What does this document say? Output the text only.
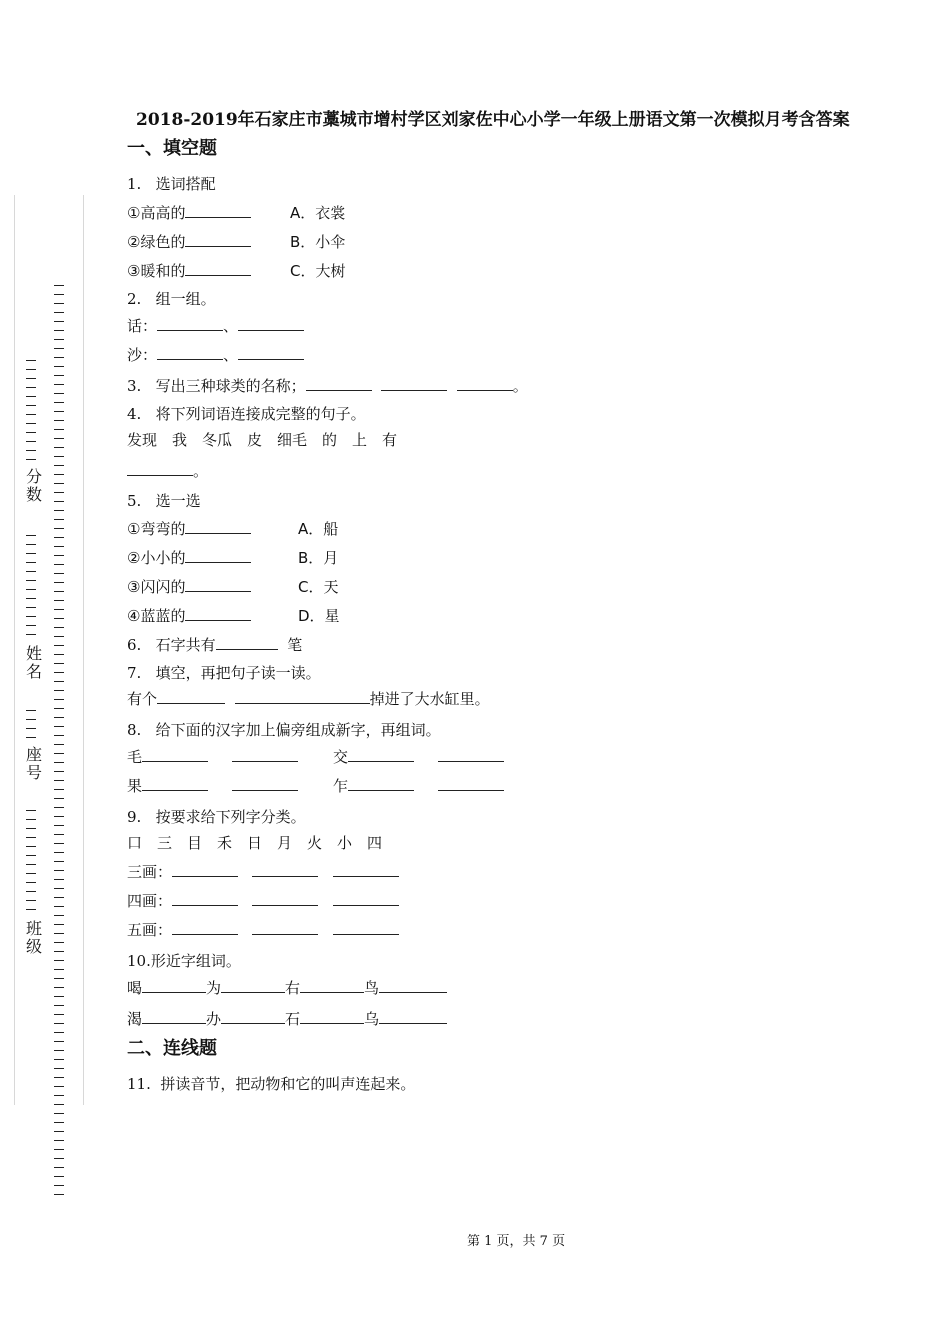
分数
姓名
座号
班级
2018-2019年石家庄市藁城市增村学区刘家佐中心小学一年级上册语文第一次模拟月考含答案
一、填空题
1. 选词搭配
①高高的	A．衣裳
②绿色的	B．小伞
③暖和的	C．大树
2. 组一组。
话：	、
沙：	、
3. 写出三种球类的名称；	。
4. 将下列词语连接成完整的句子。
发现　我　冬瓜　皮　细毛　的　上　有
。
5. 选一选
①弯弯的	A．船
②小小的	B．月
③闪闪的	C．天
④蓝蓝的	D．星
6. 石字共有	笔
7. 填空，再把句子读一读。
有个	掉进了大水缸里。
8. 给下面的汉字加上偏旁组成新字，再组词。
毛	交
果	乍
9. 按要求给下列字分类。
口　三　目　禾　日　月　火　小　四
三画：
四画：
五画：
10.形近字组词。
喝	为	右	鸟
渴	办	石	乌
二、连线题
11. 拼读音节，把动物和它的叫声连起来。
第 1 页，共 7 页
